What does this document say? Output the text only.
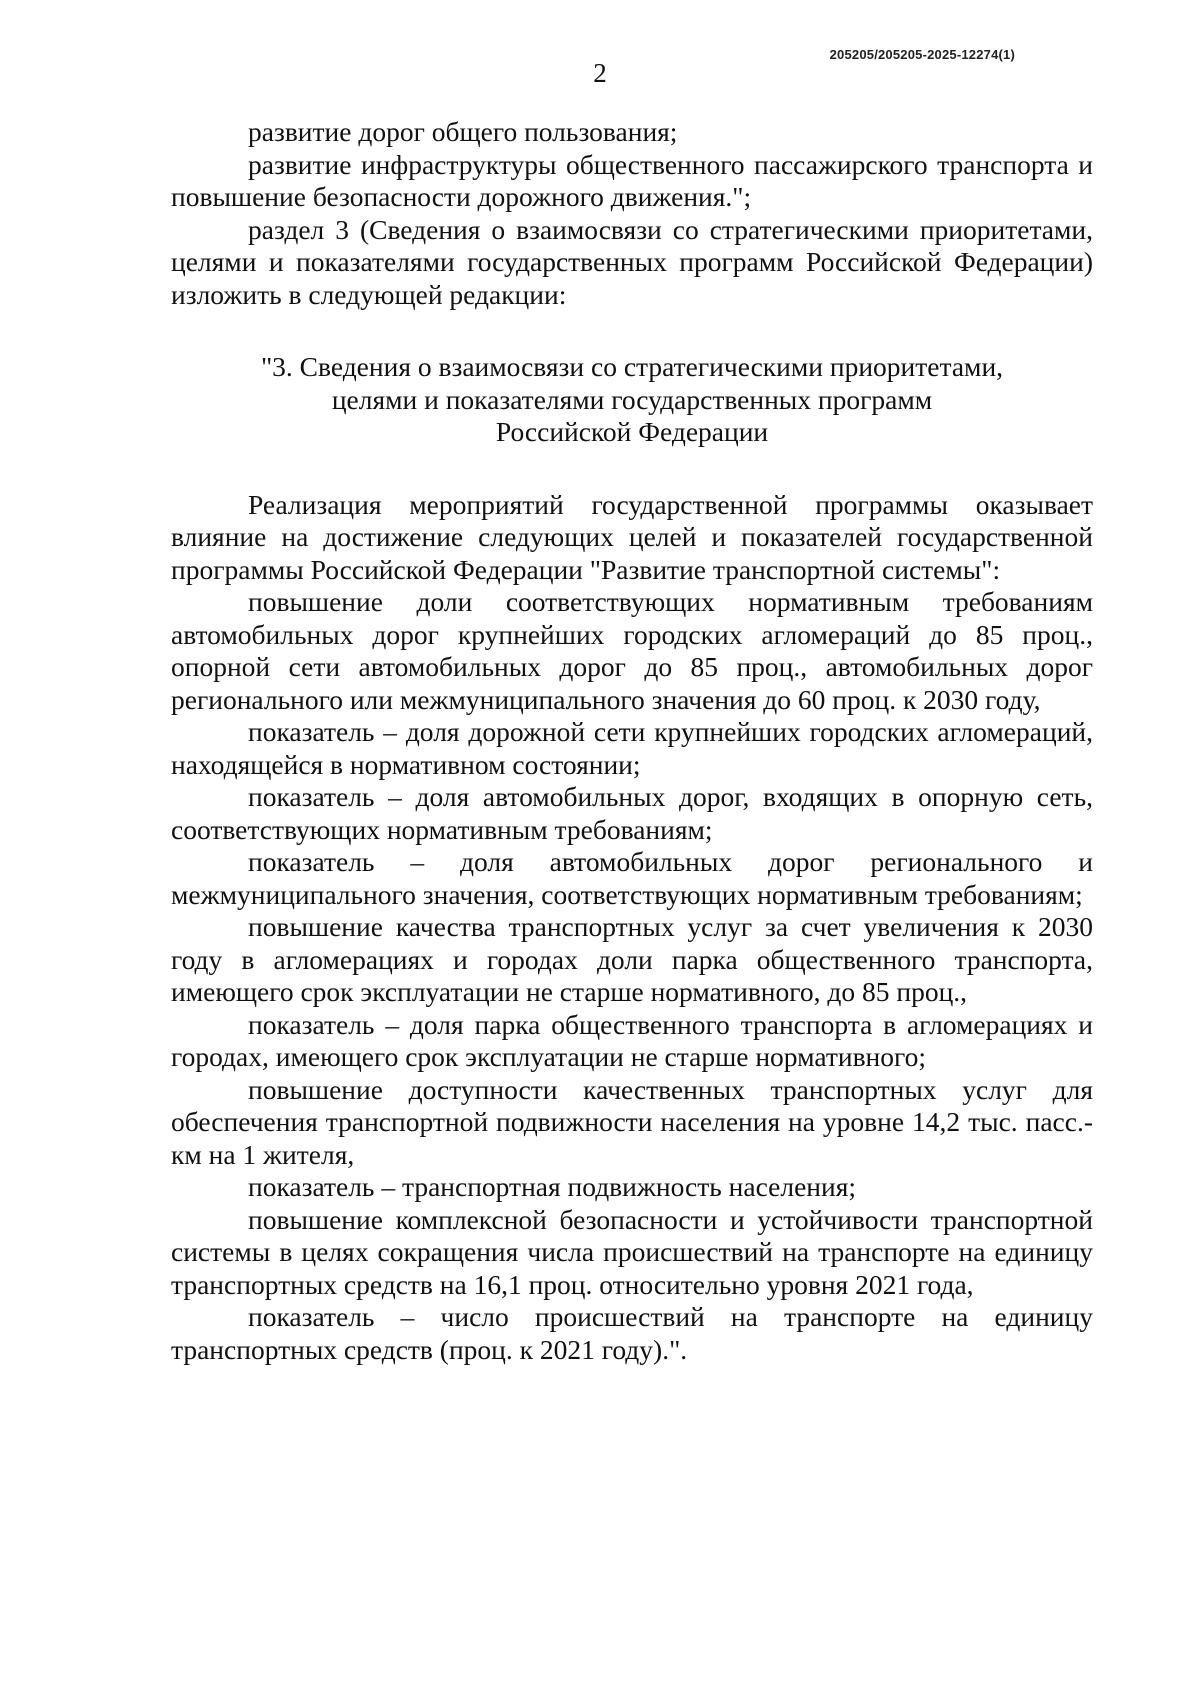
205205/205205-2025-12274(1)
2

развитие дорог общего пользования;

развитие инфраструктуры общественного пассажирского транспорта и повышение безопасности дорожного движения.";

раздел 3 (Сведения о взаимосвязи со стратегическими приоритетами, целями и показателями государственных программ Российской Федерации) изложить в следующей редакции:

"3. Сведения о взаимосвязи со стратегическими приоритетами,
целями и показателями государственных программ
Российской Федерации

Реализация мероприятий государственной программы оказывает влияние на достижение следующих целей и показателей государственной программы Российской Федерации "Развитие транспортной системы":

повышение доли соответствующих нормативным требованиям автомобильных дорог крупнейших городских агломераций до 85 проц., опорной сети автомобильных дорог до 85 проц., автомобильных дорог регионального или межмуниципального значения до 60 проц. к 2030 году,

показатель – доля дорожной сети крупнейших городских агломераций, находящейся в нормативном состоянии;

показатель – доля автомобильных дорог, входящих в опорную сеть, соответствующих нормативным требованиям;

показатель – доля автомобильных дорог регионального и межмуниципального значения, соответствующих нормативным требованиям;

повышение качества транспортных услуг за счет увеличения к 2030 году в агломерациях и городах доли парка общественного транспорта, имеющего срок эксплуатации не старше нормативного, до 85 проц.,

показатель – доля парка общественного транспорта в агломерациях и городах, имеющего срок эксплуатации не старше нормативного;

повышение доступности качественных транспортных услуг для обеспечения транспортной подвижности населения на уровне 14,2 тыс. пасс.-км на 1 жителя,

показатель – транспортная подвижность населения;

повышение комплексной безопасности и устойчивости транспортной системы в целях сокращения числа происшествий на транспорте на единицу транспортных средств на 16,1 проц. относительно уровня 2021 года,

показатель – число происшествий на транспорте на единицу транспортных средств (проц. к 2021 году).".
